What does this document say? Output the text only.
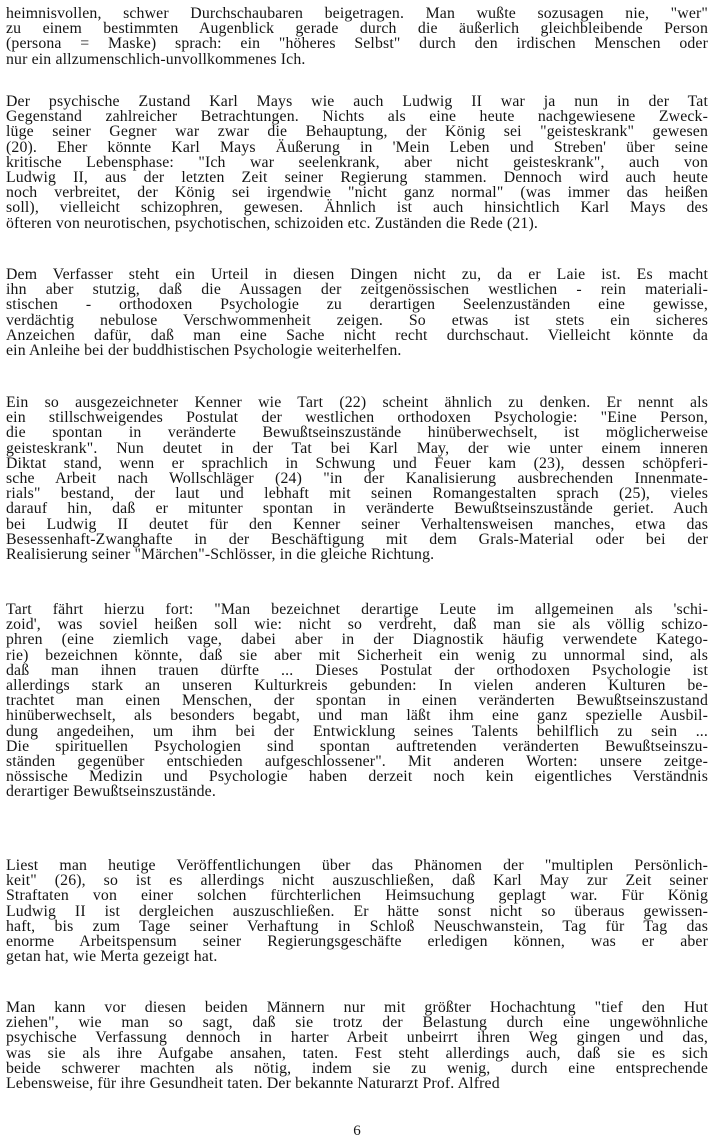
heimnisvollen, schwer Durchschaubaren beigetragen. Man wußte sozusagen nie, "wer"
zu einem bestimmten Augenblick gerade durch die äußerlich gleichbleibende Person
(persona = Maske) sprach: ein "höheres Selbst" durch den irdischen Menschen oder
nur ein allzumenschlich-unvollkommenes Ich.
Der psychische Zustand Karl Mays wie auch Ludwig II war ja nun in der Tat
Gegenstand zahlreicher Betrachtungen. Nichts als eine heute nachgewiesene Zweck-
lüge seiner Gegner war zwar die Behauptung, der König sei "geisteskrank" gewesen
(20). Eher könnte Karl Mays Äußerung in 'Mein Leben und Streben' über seine
kritische Lebensphase: "Ich war seelenkrank, aber nicht geisteskrank", auch von
Ludwig II, aus der letzten Zeit seiner Regierung stammen. Dennoch wird auch heute
noch verbreitet, der König sei irgendwie "nicht ganz normal" (was immer das heißen
soll), vielleicht schizophren, gewesen. Ähnlich ist auch hinsichtlich Karl Mays des
öfteren von neurotischen, psychotischen, schizoiden etc. Zuständen die Rede (21).
Dem Verfasser steht ein Urteil in diesen Dingen nicht zu, da er Laie ist. Es macht
ihn aber stutzig, daß die Aussagen der zeitgenössischen westlichen - rein materiali-
stischen - orthodoxen Psychologie zu derartigen Seelenzuständen eine gewisse,
verdächtig nebulose Verschwommenheit zeigen. So etwas ist stets ein sicheres
Anzeichen dafür, daß man eine Sache nicht recht durchschaut. Vielleicht könnte da
ein Anleihe bei der buddhistischen Psychologie weiterhelfen.
Ein so ausgezeichneter Kenner wie Tart (22) scheint ähnlich zu denken. Er nennt als
ein stillschweigendes Postulat der westlichen orthodoxen Psychologie: "Eine Person,
die spontan in veränderte Bewußtseinszustände hinüberwechselt, ist möglicherweise
geisteskrank". Nun deutet in der Tat bei Karl May, der wie unter einem inneren
Diktat stand, wenn er sprachlich in Schwung und Feuer kam (23), dessen schöpferi-
sche Arbeit nach Wollschläger (24) "in der Kanalisierung ausbrechenden Innenmate-
rials" bestand, der laut und lebhaft mit seinen Romangestalten sprach (25), vieles
darauf hin, daß er mitunter spontan in veränderte Bewußtseinszustände geriet. Auch
bei Ludwig II deutet für den Kenner seiner Verhaltensweisen manches, etwa das
Besessenhaft-Zwanghafte in der Beschäftigung mit dem Grals-Material oder bei der
Realisierung seiner "Märchen"-Schlösser, in die gleiche Richtung.
Tart fährt hierzu fort: "Man bezeichnet derartige Leute im allgemeinen als 'schi-
zoid', was soviel heißen soll wie: nicht so verdreht, daß man sie als völlig schizo-
phren (eine ziemlich vage, dabei aber in der Diagnostik häufig verwendete Katego-
rie) bezeichnen könnte, daß sie aber mit Sicherheit ein wenig zu unnormal sind, als
daß man ihnen trauen dürfte ... Dieses Postulat der orthodoxen Psychologie ist
allerdings stark an unseren Kulturkreis gebunden: In vielen anderen Kulturen be-
trachtet man einen Menschen, der spontan in einen veränderten Bewußtseinszustand
hinüberwechselt, als besonders begabt, und man läßt ihm eine ganz spezielle Ausbil-
dung angedeihen, um ihm bei der Entwicklung seines Talents behilflich zu sein ...
Die spirituellen Psychologien sind spontan auftretenden veränderten Bewußtseinszu-
ständen gegenüber entschieden aufgeschlossener". Mit anderen Worten: unsere zeitge-
nössische Medizin und Psychologie haben derzeit noch kein eigentliches Verständnis
derartiger Bewußtseinszustände.
Liest man heutige Veröffentlichungen über das Phänomen der "multiplen Persönlich-
keit" (26), so ist es allerdings nicht auszuschließen, daß Karl May zur Zeit seiner
Straftaten von einer solchen fürchterlichen Heimsuchung geplagt war. Für König
Ludwig II ist dergleichen auszuschließen. Er hätte sonst nicht so überaus gewissen-
haft, bis zum Tage seiner Verhaftung in Schloß Neuschwanstein, Tag für Tag das
enorme Arbeitspensum seiner Regierungsgeschäfte erledigen können, was er aber
getan hat, wie Merta gezeigt hat.
Man kann vor diesen beiden Männern nur mit größter Hochachtung "tief den Hut
ziehen", wie man so sagt, daß sie trotz der Belastung durch eine ungewöhnliche
psychische Verfassung dennoch in harter Arbeit unbeirrt ihren Weg gingen und das,
was sie als ihre Aufgabe ansahen, taten. Fest steht allerdings auch, daß sie es sich
beide schwerer machten als nötig, indem sie zu wenig, durch eine entsprechende
Lebensweise, für ihre Gesundheit taten. Der bekannte Naturarzt Prof. Alfred
6
